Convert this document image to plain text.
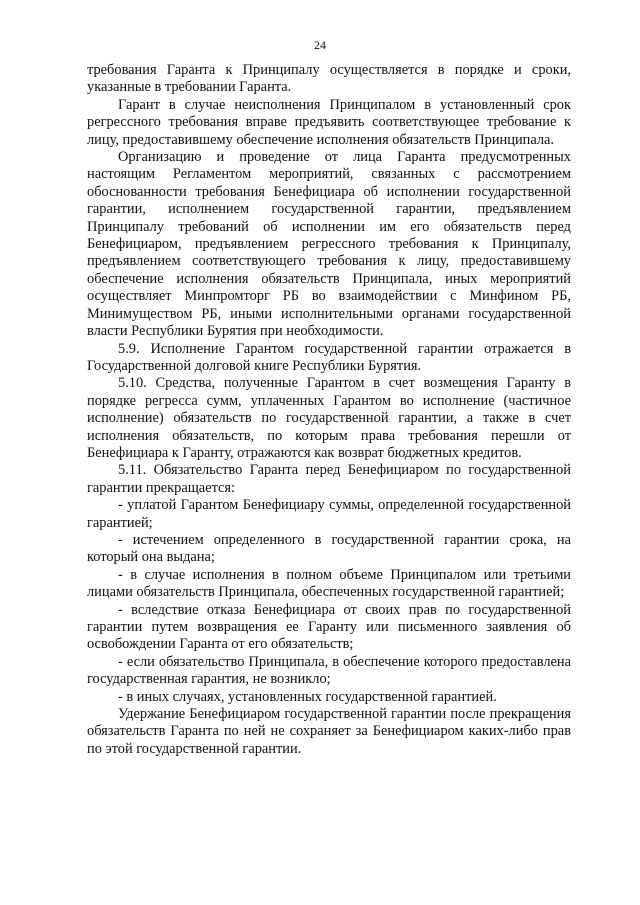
24

требования Гаранта к Принципалу осуществляется в порядке и сроки, указанные в требовании Гаранта.

Гарант в случае неисполнения Принципалом в установленный срок регрессного требования вправе предъявить соответствующее требование к лицу, предоставившему обеспечение исполнения обязательств Принципала.

Организацию и проведение от лица Гаранта предусмотренных настоящим Регламентом мероприятий, связанных с рассмотрением обоснованности требования Бенефициара об исполнении государственной гарантии, исполнением государственной гарантии, предъявлением Принципалу требований об исполнении им его обязательств перед Бенефициаром, предъявлением регрессного требования к Принципалу, предъявлением соответствующего требования к лицу, предоставившему обеспечение исполнения обязательств Принципала, иных мероприятий осуществляет Минпромторг РБ во взаимодействии с Минфином РБ, Минимуществом РБ, иными исполнительными органами государственной власти Республики Бурятия при необходимости.

5.9. Исполнение Гарантом государственной гарантии отражается в Государственной долговой книге Республики Бурятия.

5.10. Средства, полученные Гарантом в счет возмещения Гаранту в порядке регресса сумм, уплаченных Гарантом во исполнение (частичное исполнение) обязательств по государственной гарантии, а также в счет исполнения обязательств, по которым права требования перешли от Бенефициара к Гаранту, отражаются как возврат бюджетных кредитов.

5.11. Обязательство Гаранта перед Бенефициаром по государственной гарантии прекращается:

- уплатой Гарантом Бенефициару суммы, определенной государственной гарантией;

- истечением определенного в государственной гарантии срока, на который она выдана;

- в случае исполнения в полном объеме Принципалом или третьими лицами обязательств Принципала, обеспеченных государственной гарантией;

- вследствие отказа Бенефициара от своих прав по государственной гарантии путем возвращения ее Гаранту или письменного заявления об освобождении Гаранта от его обязательств;

- если обязательство Принципала, в обеспечение которого предоставлена государственная гарантия, не возникло;

- в иных случаях, установленных государственной гарантией.

Удержание Бенефициаром государственной гарантии после прекращения обязательств Гаранта по ней не сохраняет за Бенефициаром каких-либо прав по этой государственной гарантии.
